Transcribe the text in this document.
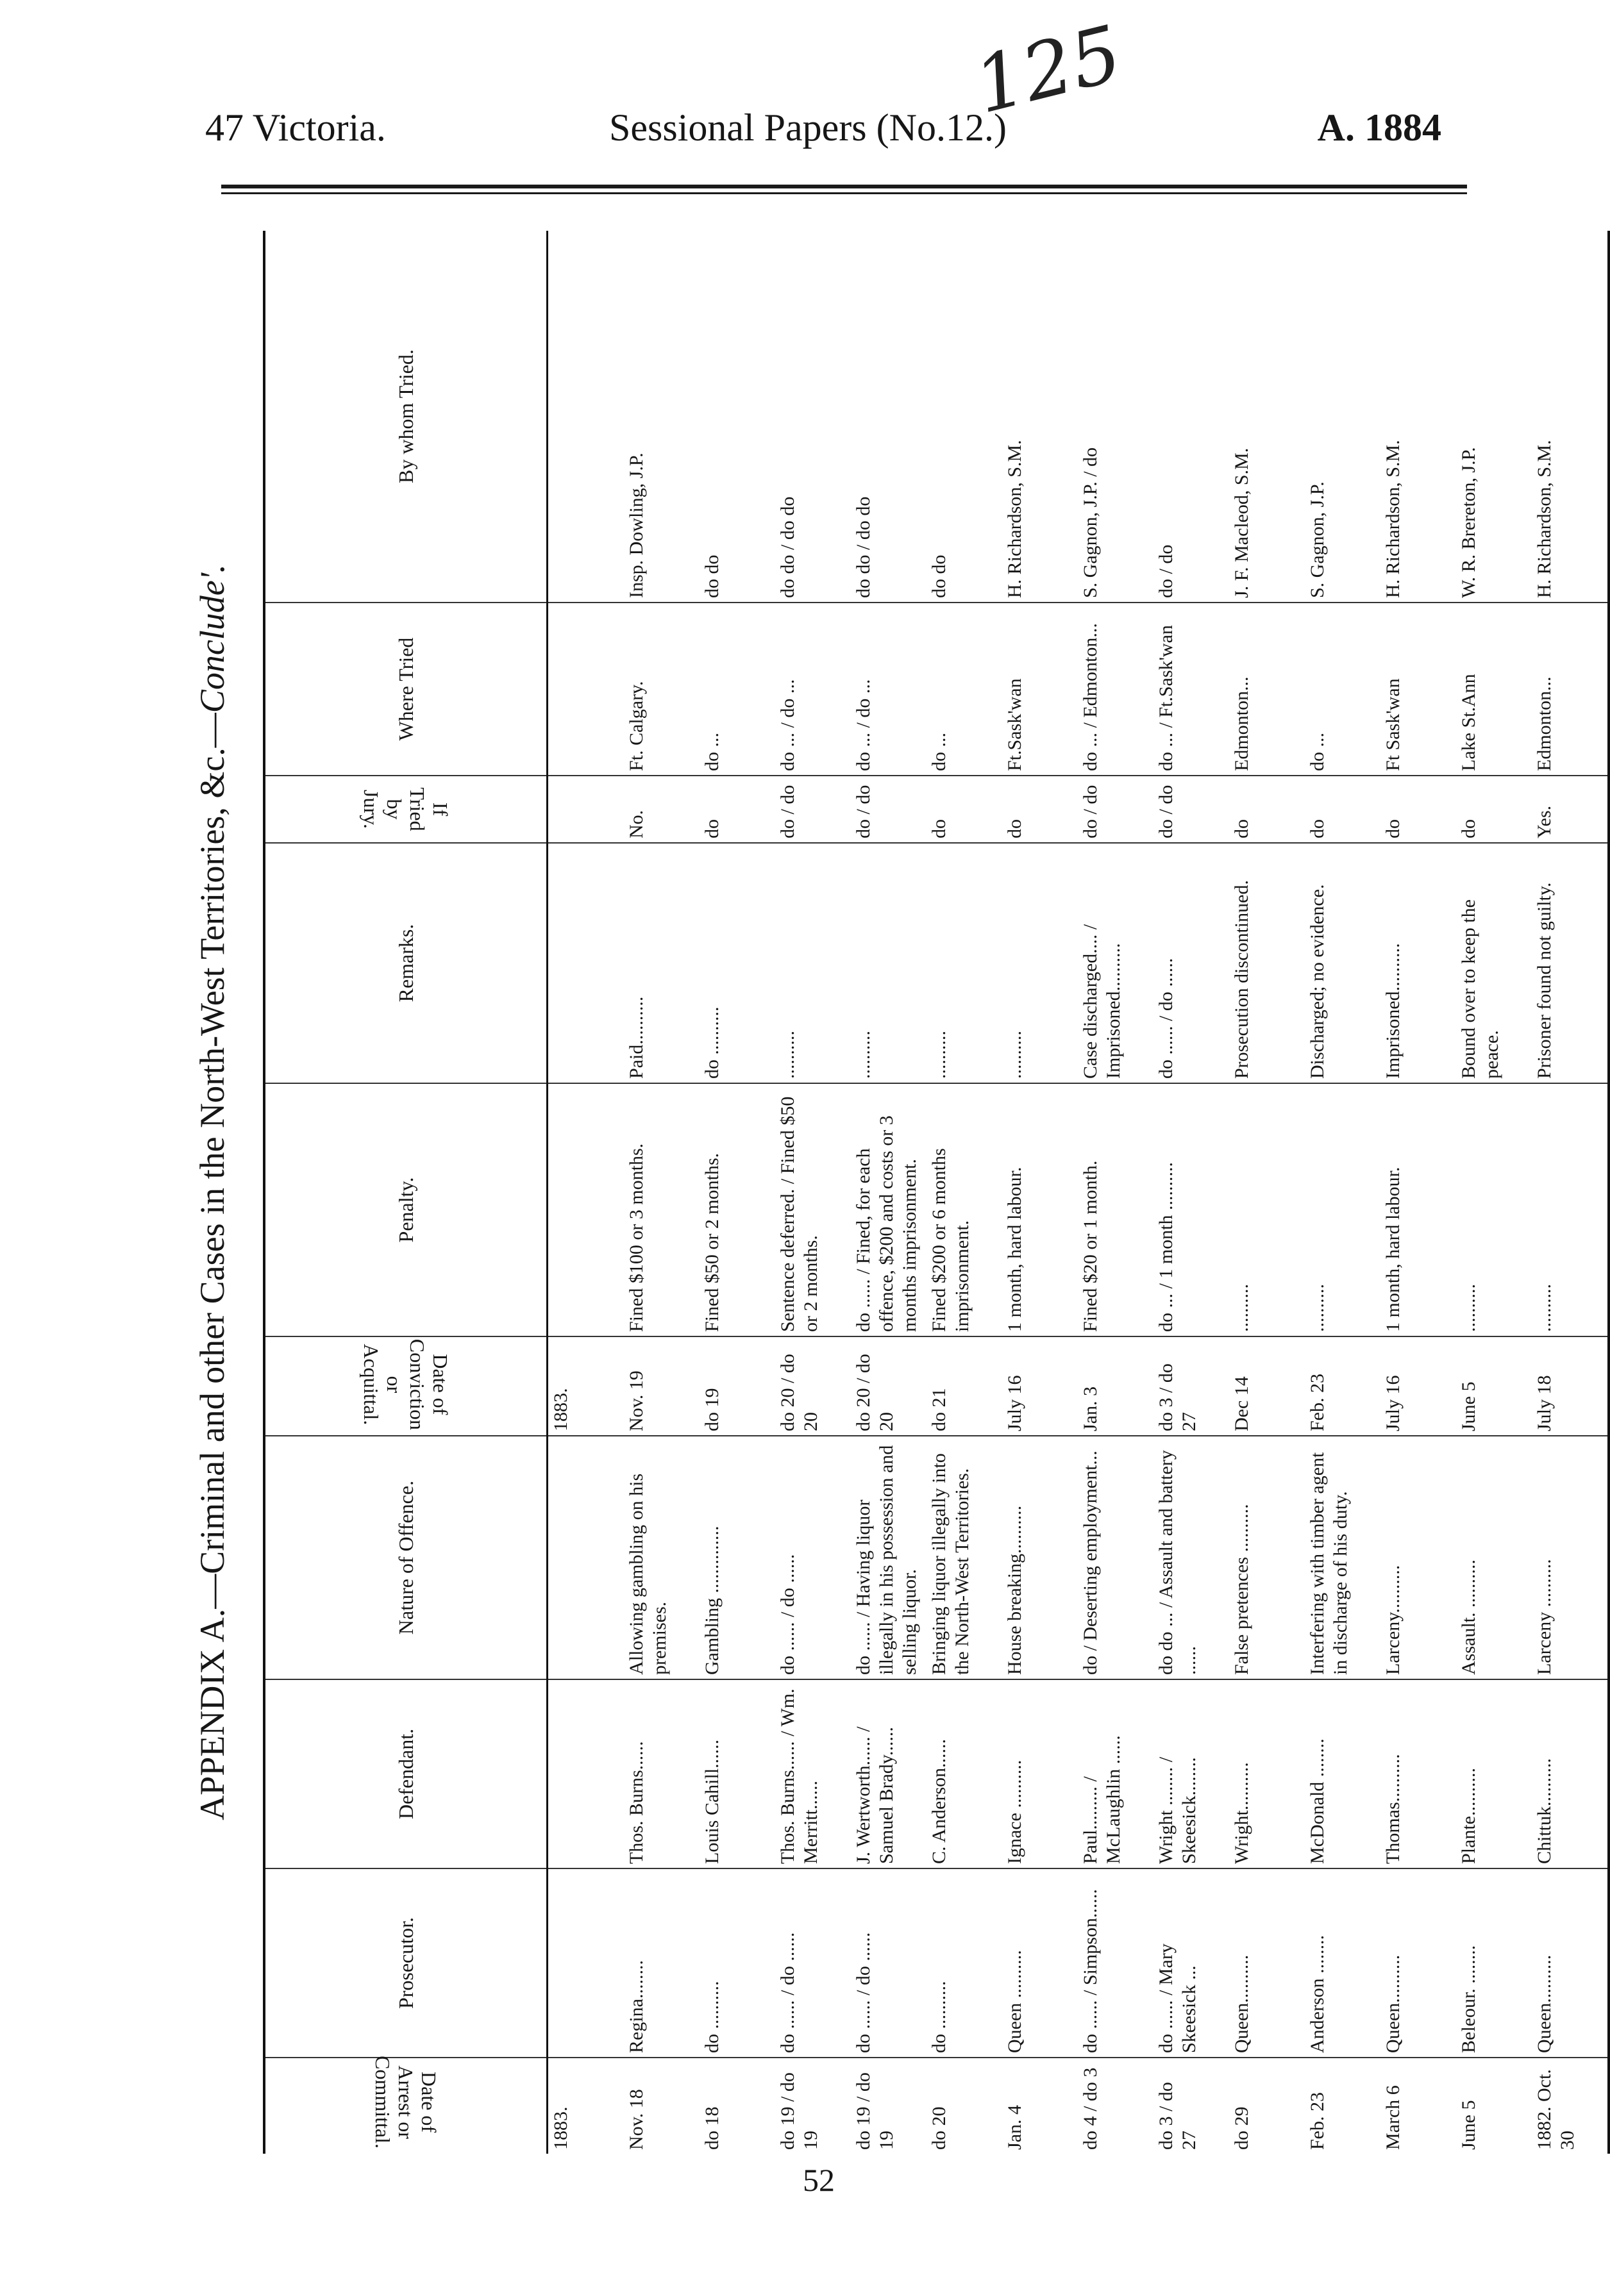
47 Victoria.	Sessional Papers (No.12.)	A. 1884
125
APPENDIX A.—Criminal and other Cases in the North-West Territories, &c.—Conclude'.
Date of Arrest or Committal.	Prosecutor.	Defendant.	Nature of Offence.	Date of Conviction or Acquittal.	Penalty.	Remarks.	If Tried by Jury.	Where Tried	By whom Tried.
1883.				1883.					
Nov. 18	Regina........	Thos. Burns......	Allowing gambling on his premises.	Nov. 19	Fined $100 or 3 months.	Paid..........	No.	Ft. Calgary.	Insp. Dowling, J.P.
do 18	do ..........	Louis Cahill......	Gambling ..............	do 19	Fined $50 or 2 months.	do ..........	do	do ...	do do
do 19 / do 19	do ...... / do ......	Thos. Burns...... / Wm. Merritt......	do ...... / do ......	do 20 / do 20	Sentence deferred. / Fined $50 or 2 months.	..........	do / do	do ... / do ...	do do / do do
do 19 / do 19	do ...... / do ......	J. Wertworth...... / Samuel Brady......	do ...... / Having liquor illegally in his possession and selling liquor.	do 20 / do 20	do ...... / Fined, for each offence, $200 and costs or 3 months imprisonment.	..........	do / do	do ... / do ...	do do / do do
do 20	do ..........	C. Anderson......	Bringing liquor illegally into the North-West Territories.	do 21	Fined $200 or 6 months imprisonment.	..........	do	do ...	do do
Jan. 4	Queen ..........	Ignace ..........	House breaking..........	July 16	1 month, hard labour.	..........	do	Ft.Sask'wan	H. Richardson, S.M.
do 4 / do 3	do ...... / Simpson......	Paul......... / McLaughlin ......	do / Deserting employment...	Jan. 3	Fined $20 or 1 month.	Case discharged.... / Imprisoned..........	do / do	do ... / Edmonton...	S. Gagnon, J.P. / do
do 3 / do 27	do ...... / Mary Skeesick ...	Wright ........ / Skeesick........	do do ... / Assault and battery ......	do 3 / do 27	do ... / 1 month ..........	do ...... / do ......	do / do	do ... / Ft.Sask'wan	do / do
do 29	Queen..........	Wright..........	False pretences ..........	Dec 14	..........	Prosecution discontinued.	do	Edmonton...	J. F. Macleod, S.M.
Feb. 23	Anderson ........	McDonald ........	Interfering with timber agent in discharge of his duty.	Feb. 23	..........	Discharged; no evidence.	do	do ...	S. Gagnon, J.P.
March 6	Queen..........	Thomas..........	Larceny..........	July 16	1 month, hard labour.	Imprisoned..........	do	Ft Sask'wan	H. Richardson, S.M.
June 5	Beleour. ........	Plante..........	Assault. ..........	June 5	..........	Bound over to keep the peace.	do	Lake St.Ann	W. R. Brereton, J.P.
1882. Oct. 30	Queen..........	Chittuk..........	Larceny ..........	July 18	..........	Prisoner found not guilty.	Yes.	Edmonton...	H. Richardson, S.M.
52
